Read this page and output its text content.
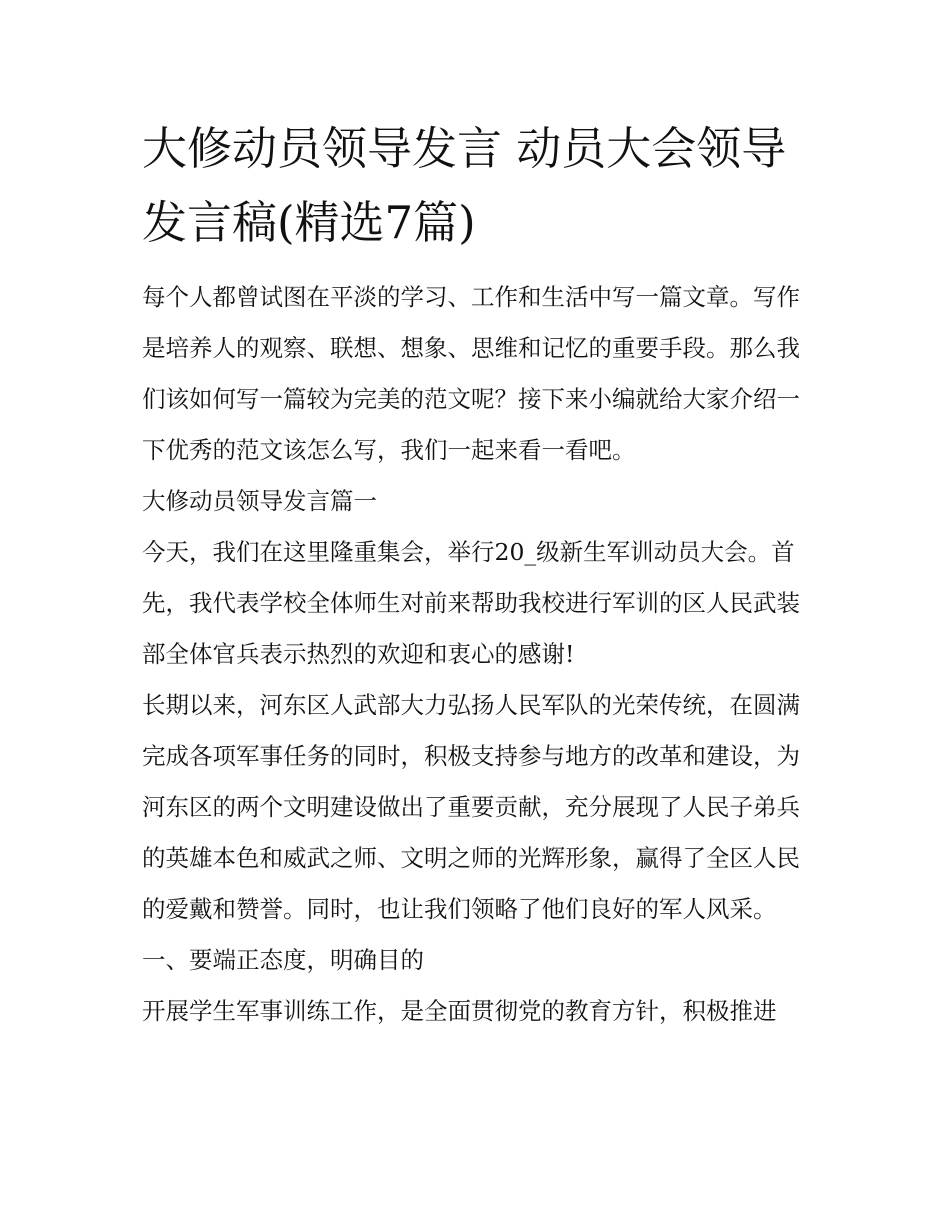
大修动员领导发言 动员大会领导发言稿(精选7篇)

每个人都曾试图在平淡的学习、工作和生活中写一篇文章。写作是培养人的观察、联想、想象、思维和记忆的重要手段。那么我们该如何写一篇较为完美的范文呢？接下来小编就给大家介绍一下优秀的范文该怎么写，我们一起来看一看吧。

大修动员领导发言篇一

今天，我们在这里隆重集会，举行20_级新生军训动员大会。首先，我代表学校全体师生对前来帮助我校进行军训的区人民武装部全体官兵表示热烈的欢迎和衷心的感谢!

长期以来，河东区人武部大力弘扬人民军队的光荣传统，在圆满完成各项军事任务的同时，积极支持参与地方的改革和建设，为河东区的两个文明建设做出了重要贡献，充分展现了人民子弟兵的英雄本色和威武之师、文明之师的光辉形象，赢得了全区人民的爱戴和赞誉。同时，也让我们领略了他们良好的军人风采。

一、要端正态度，明确目的

开展学生军事训练工作，是全面贯彻党的教育方针，积极推进
